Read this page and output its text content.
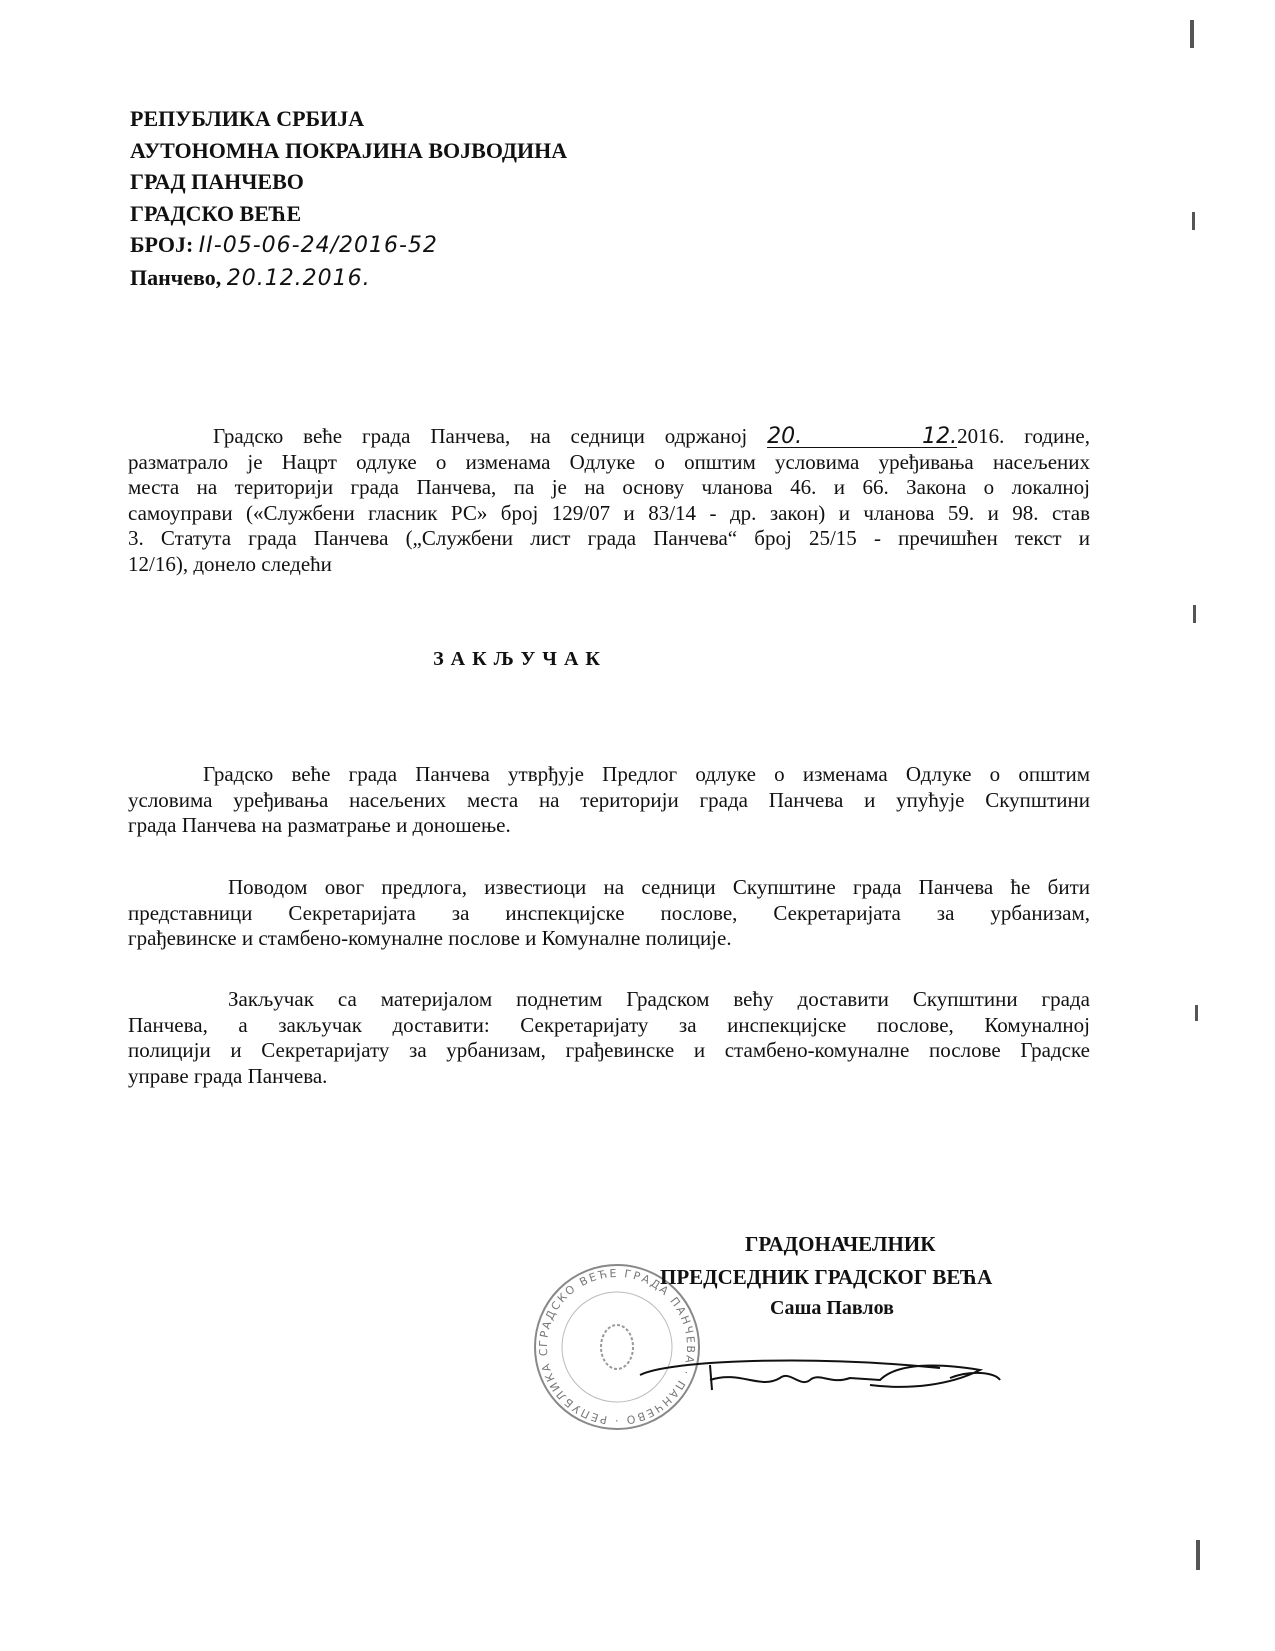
РЕПУБЛИКА СРБИЈА
АУТОНОМНА ПОКРАЈИНА ВОЈВОДИНА
ГРАД ПАНЧЕВО
ГРАДСКО ВЕЋЕ
БРОЈ: II-05-06-24/2016-52
Панчево, 20.12.2016.
Градско веће града Панчева, на седници одржаној 20. 12.2016. године,
разматрало је Нацрт одлуке о изменама Одлуке о општим условима уређивања насељених
места на територији града Панчева, па је на основу чланова 46. и 66. Закона о локалној
самоуправи («Службени гласник РС» број 129/07 и 83/14 - др. закон) и чланова 59. и 98. став
3. Статута града Панчева („Службени лист града Панчева“ број 25/15 - пречишћен текст и
12/16), донело следећи
ЗАКЉУЧАК
Градско веће града Панчева утврђује Предлог одлуке о изменама Одлуке о општим
условима уређивања насељених места на територији града Панчева и упућује Скупштини
града Панчева на разматрање и доношење.
Поводом овог предлога, известиоци на седници Скупштине града Панчева ће бити
представници Секретаријата за инспекцијске послове, Секретаријата за урбанизам,
грађевинске и стамбено-комуналне послове и Комуналне полиције.
Закључак са материјалом поднетим Градском већу доставити Скупштини града
Панчева, а закључак доставити: Секретаријату за инспекцијске послове, Комуналној
полицији и Секретаријату за урбанизам, грађевинске и стамбено-комуналне послове Градске
управе града Панчева.
ГРАДСКО ВЕЋЕ ГРАДА ПАНЧЕВА · ПАНЧЕВО · РЕПУБЛИКА С
ГРАДОНАЧЕЛНИК
ПРЕДСЕДНИК ГРАДСКОГ ВЕЋА
Саша Павлов
